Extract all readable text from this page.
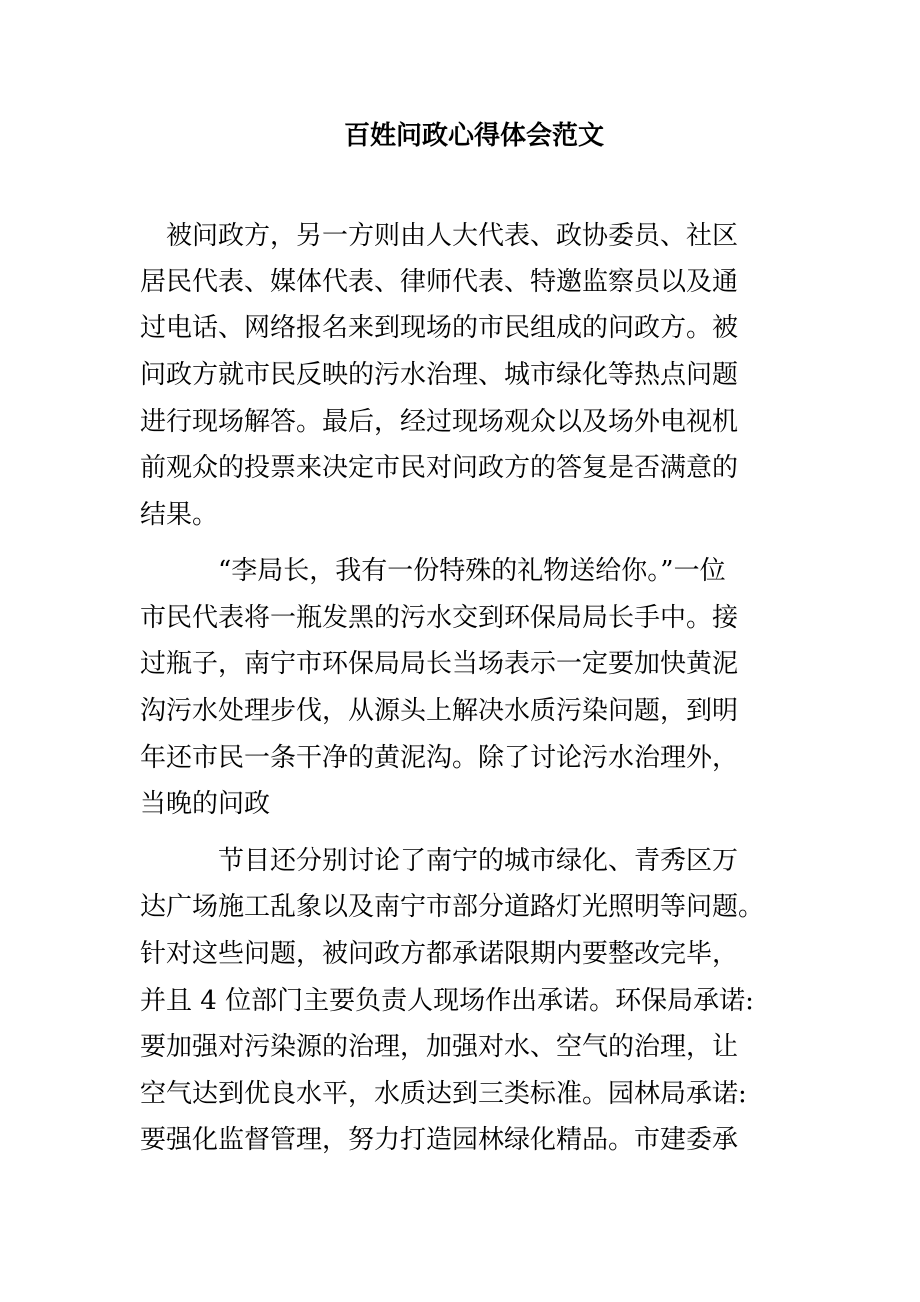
百姓问政心得体会范文

　被问政方，另一方则由人大代表、政协委员、社区

居民代表、媒体代表、律师代表、特邀监察员以及通

过电话、网络报名来到现场的市民组成的问政方。被

问政方就市民反映的污水治理、城市绿化等热点问题

进行现场解答。最后，经过现场观众以及场外电视机

前观众的投票来决定市民对问政方的答复是否满意的

结果。

　　　“李局长，我有一份特殊的礼物送给你。”一位

市民代表将一瓶发黑的污水交到环保局局长手中。接

过瓶子，南宁市环保局局长当场表示一定要加快黄泥

沟污水处理步伐，从源头上解决水质污染问题，到明

年还市民一条干净的黄泥沟。除了讨论污水治理外，

当晚的问政

　　　节目还分别讨论了南宁的城市绿化、青秀区万

达广场施工乱象以及南宁市部分道路灯光照明等问题。

针对这些问题，被问政方都承诺限期内要整改完毕，

并且 4 位部门主要负责人现场作出承诺。环保局承诺:

要加强对污染源的治理，加强对水、空气的治理，让

空气达到优良水平，水质达到三类标准。园林局承诺:

要强化监督管理，努力打造园林绿化精品。市建委承
